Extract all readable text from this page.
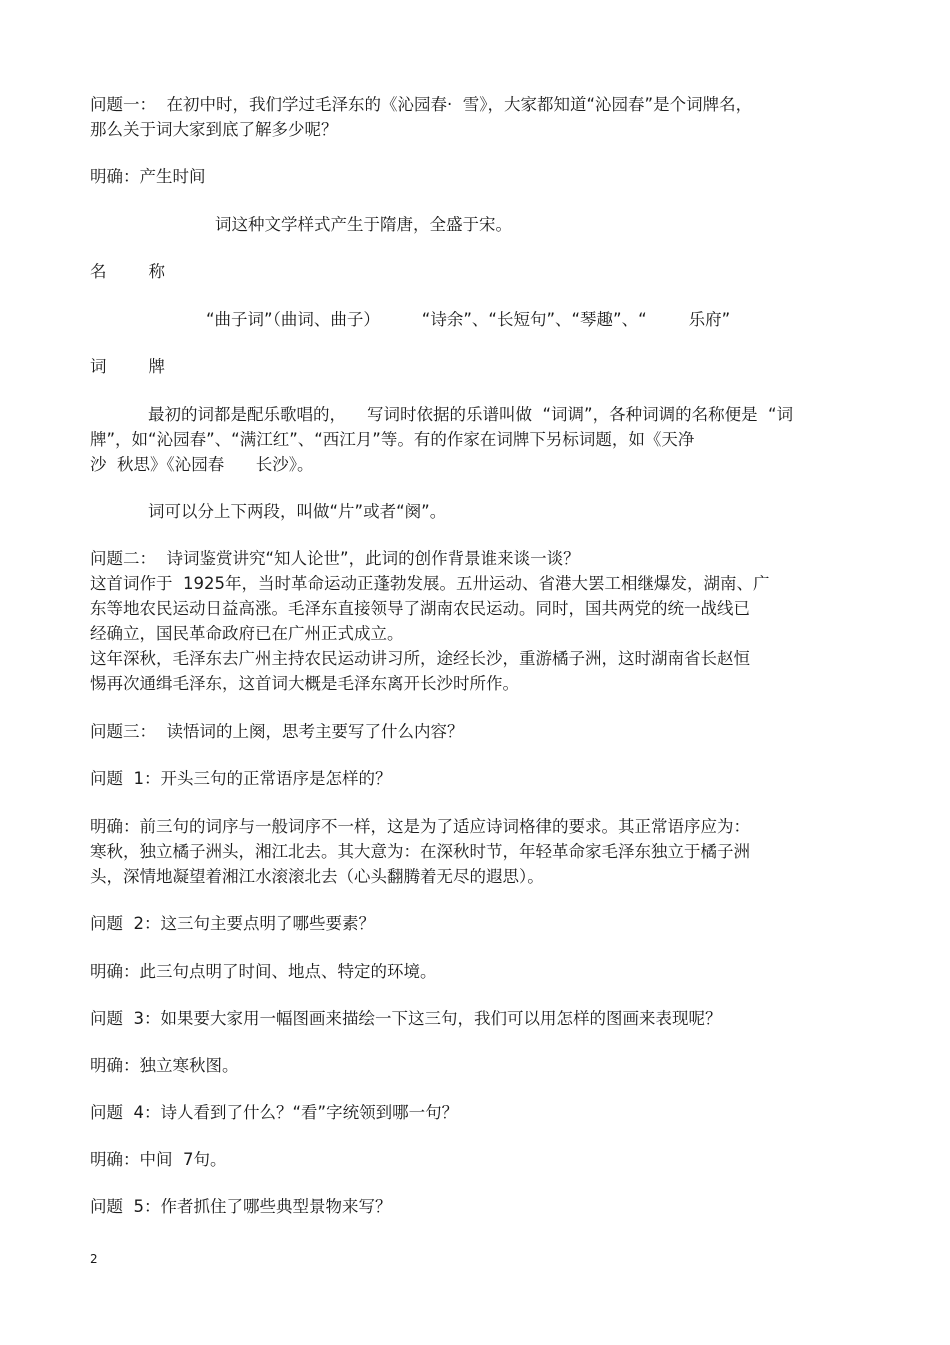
问题一：  在初中时，我们学过毛泽东的《沁园春·  雪》，大家都知道“沁园春”是个词牌名，

那么关于词大家到底了解多少呢？

明确：产生时间

词这种文学样式产生于隋唐，全盛于宋。

名        称

“曲子词”（曲词、曲子）        “诗余”、“长短句”、“琴趣”、“        乐府”

词        牌

最初的词都是配乐歌唱的，    写词时依据的乐谱叫做  “词调”，各种词调的名称便是  “词

牌”，如“沁园春”、“满江红”、“西江月”等。有的作家在词牌下另标词题，如《天净

沙  秋思》《沁园春      长沙》。

词可以分上下两段，叫做“片”或者“阕”。

问题二：  诗词鉴赏讲究“知人论世”，此词的创作背景谁来谈一谈？

这首词作于  1925年，当时革命运动正蓬勃发展。五卅运动、省港大罢工相继爆发，湖南、广

东等地农民运动日益高涨。毛泽东直接领导了湖南农民运动。同时，国共两党的统一战线已

经确立，国民革命政府已在广州正式成立。

这年深秋，毛泽东去广州主持农民运动讲习所，途经长沙，重游橘子洲，这时湖南省长赵恒

惕再次通缉毛泽东，这首词大概是毛泽东离开长沙时所作。

问题三：  读悟词的上阕，思考主要写了什么内容？

问题  1：开头三句的正常语序是怎样的？

明确：前三句的词序与一般词序不一样，这是为了适应诗词格律的要求。其正常语序应为：

寒秋，独立橘子洲头，湘江北去。其大意为：在深秋时节，年轻革命家毛泽东独立于橘子洲

头，深情地凝望着湘江水滚滚北去（心头翻腾着无尽的遐思）。

问题  2：这三句主要点明了哪些要素？

明确：此三句点明了时间、地点、特定的环境。

问题  3：如果要大家用一幅图画来描绘一下这三句，我们可以用怎样的图画来表现呢？

明确：独立寒秋图。

问题  4：诗人看到了什么？“看”字统领到哪一句？

明确：中间  7句。

问题  5：作者抓住了哪些典型景物来写？

2
